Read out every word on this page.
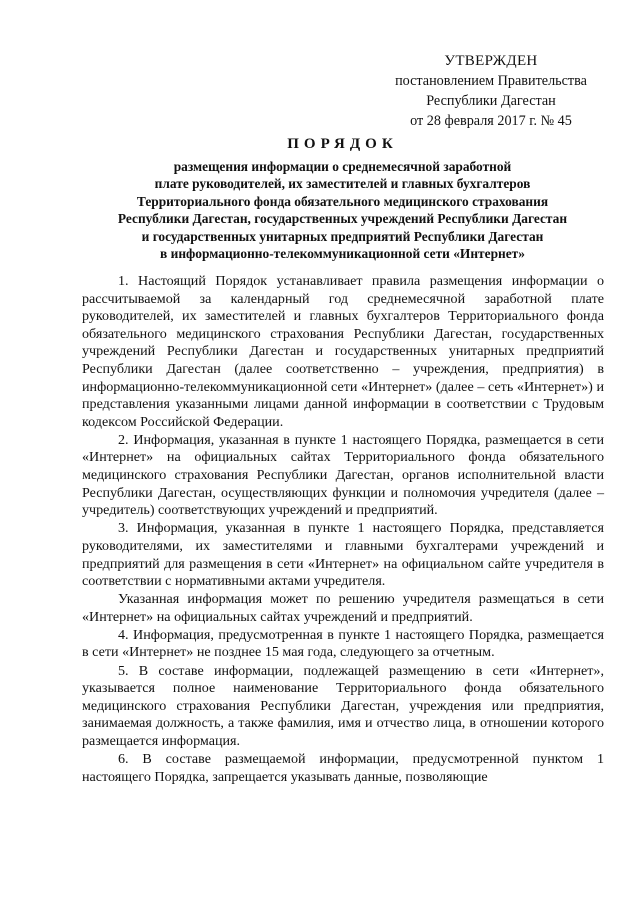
УТВЕРЖДЕН
постановлением Правительства
Республики Дагестан
от 28 февраля 2017 г. № 45
ПОРЯДОК
размещения информации о среднемесячной заработной
плате руководителей, их заместителей и главных бухгалтеров
Территориального фонда обязательного медицинского страхования
Республики Дагестан, государственных учреждений Республики Дагестан
и государственных унитарных предприятий Республики Дагестан
в информационно-телекоммуникационной сети «Интернет»

1. Настоящий Порядок устанавливает правила размещения информации о рассчитываемой за календарный год среднемесячной заработной плате руководителей, их заместителей и главных бухгалтеров Территориального фонда обязательного медицинского страхования Республики Дагестан, государственных учреждений Республики Дагестан и государственных унитарных предприятий Республики Дагестан (далее соответственно – учреждения, предприятия) в информационно-телекоммуникационной сети «Интернет» (далее – сеть «Интернет») и представления указанными лицами данной информации в соответствии с Трудовым кодексом Российской Федерации.

2. Информация, указанная в пункте 1 настоящего Порядка, размещается в сети «Интернет» на официальных сайтах Территориального фонда обязательного медицинского страхования Республики Дагестан, органов исполнительной власти Республики Дагестан, осуществляющих функции и полномочия учредителя (далее – учредитель) соответствующих учреждений и предприятий.

3. Информация, указанная в пункте 1 настоящего Порядка, представляется руководителями, их заместителями и главными бухгалтерами учреждений и предприятий для размещения в сети «Интернет» на официальном сайте учредителя в соответствии с нормативными актами учредителя.

Указанная информация может по решению учредителя размещаться в сети «Интернет» на официальных сайтах учреждений и предприятий.

4. Информация, предусмотренная в пункте 1 настоящего Порядка, размещается в сети «Интернет» не позднее 15 мая года, следующего за отчетным.

5. В составе информации, подлежащей размещению в сети «Интернет», указывается полное наименование Территориального фонда обязательного медицинского страхования Республики Дагестан, учреждения или предприятия, занимаемая должность, а также фамилия, имя и отчество лица, в отношении которого размещается информация.

6. В составе размещаемой информации, предусмотренной пунктом 1 настоящего Порядка, запрещается указывать данные, позволяющие
